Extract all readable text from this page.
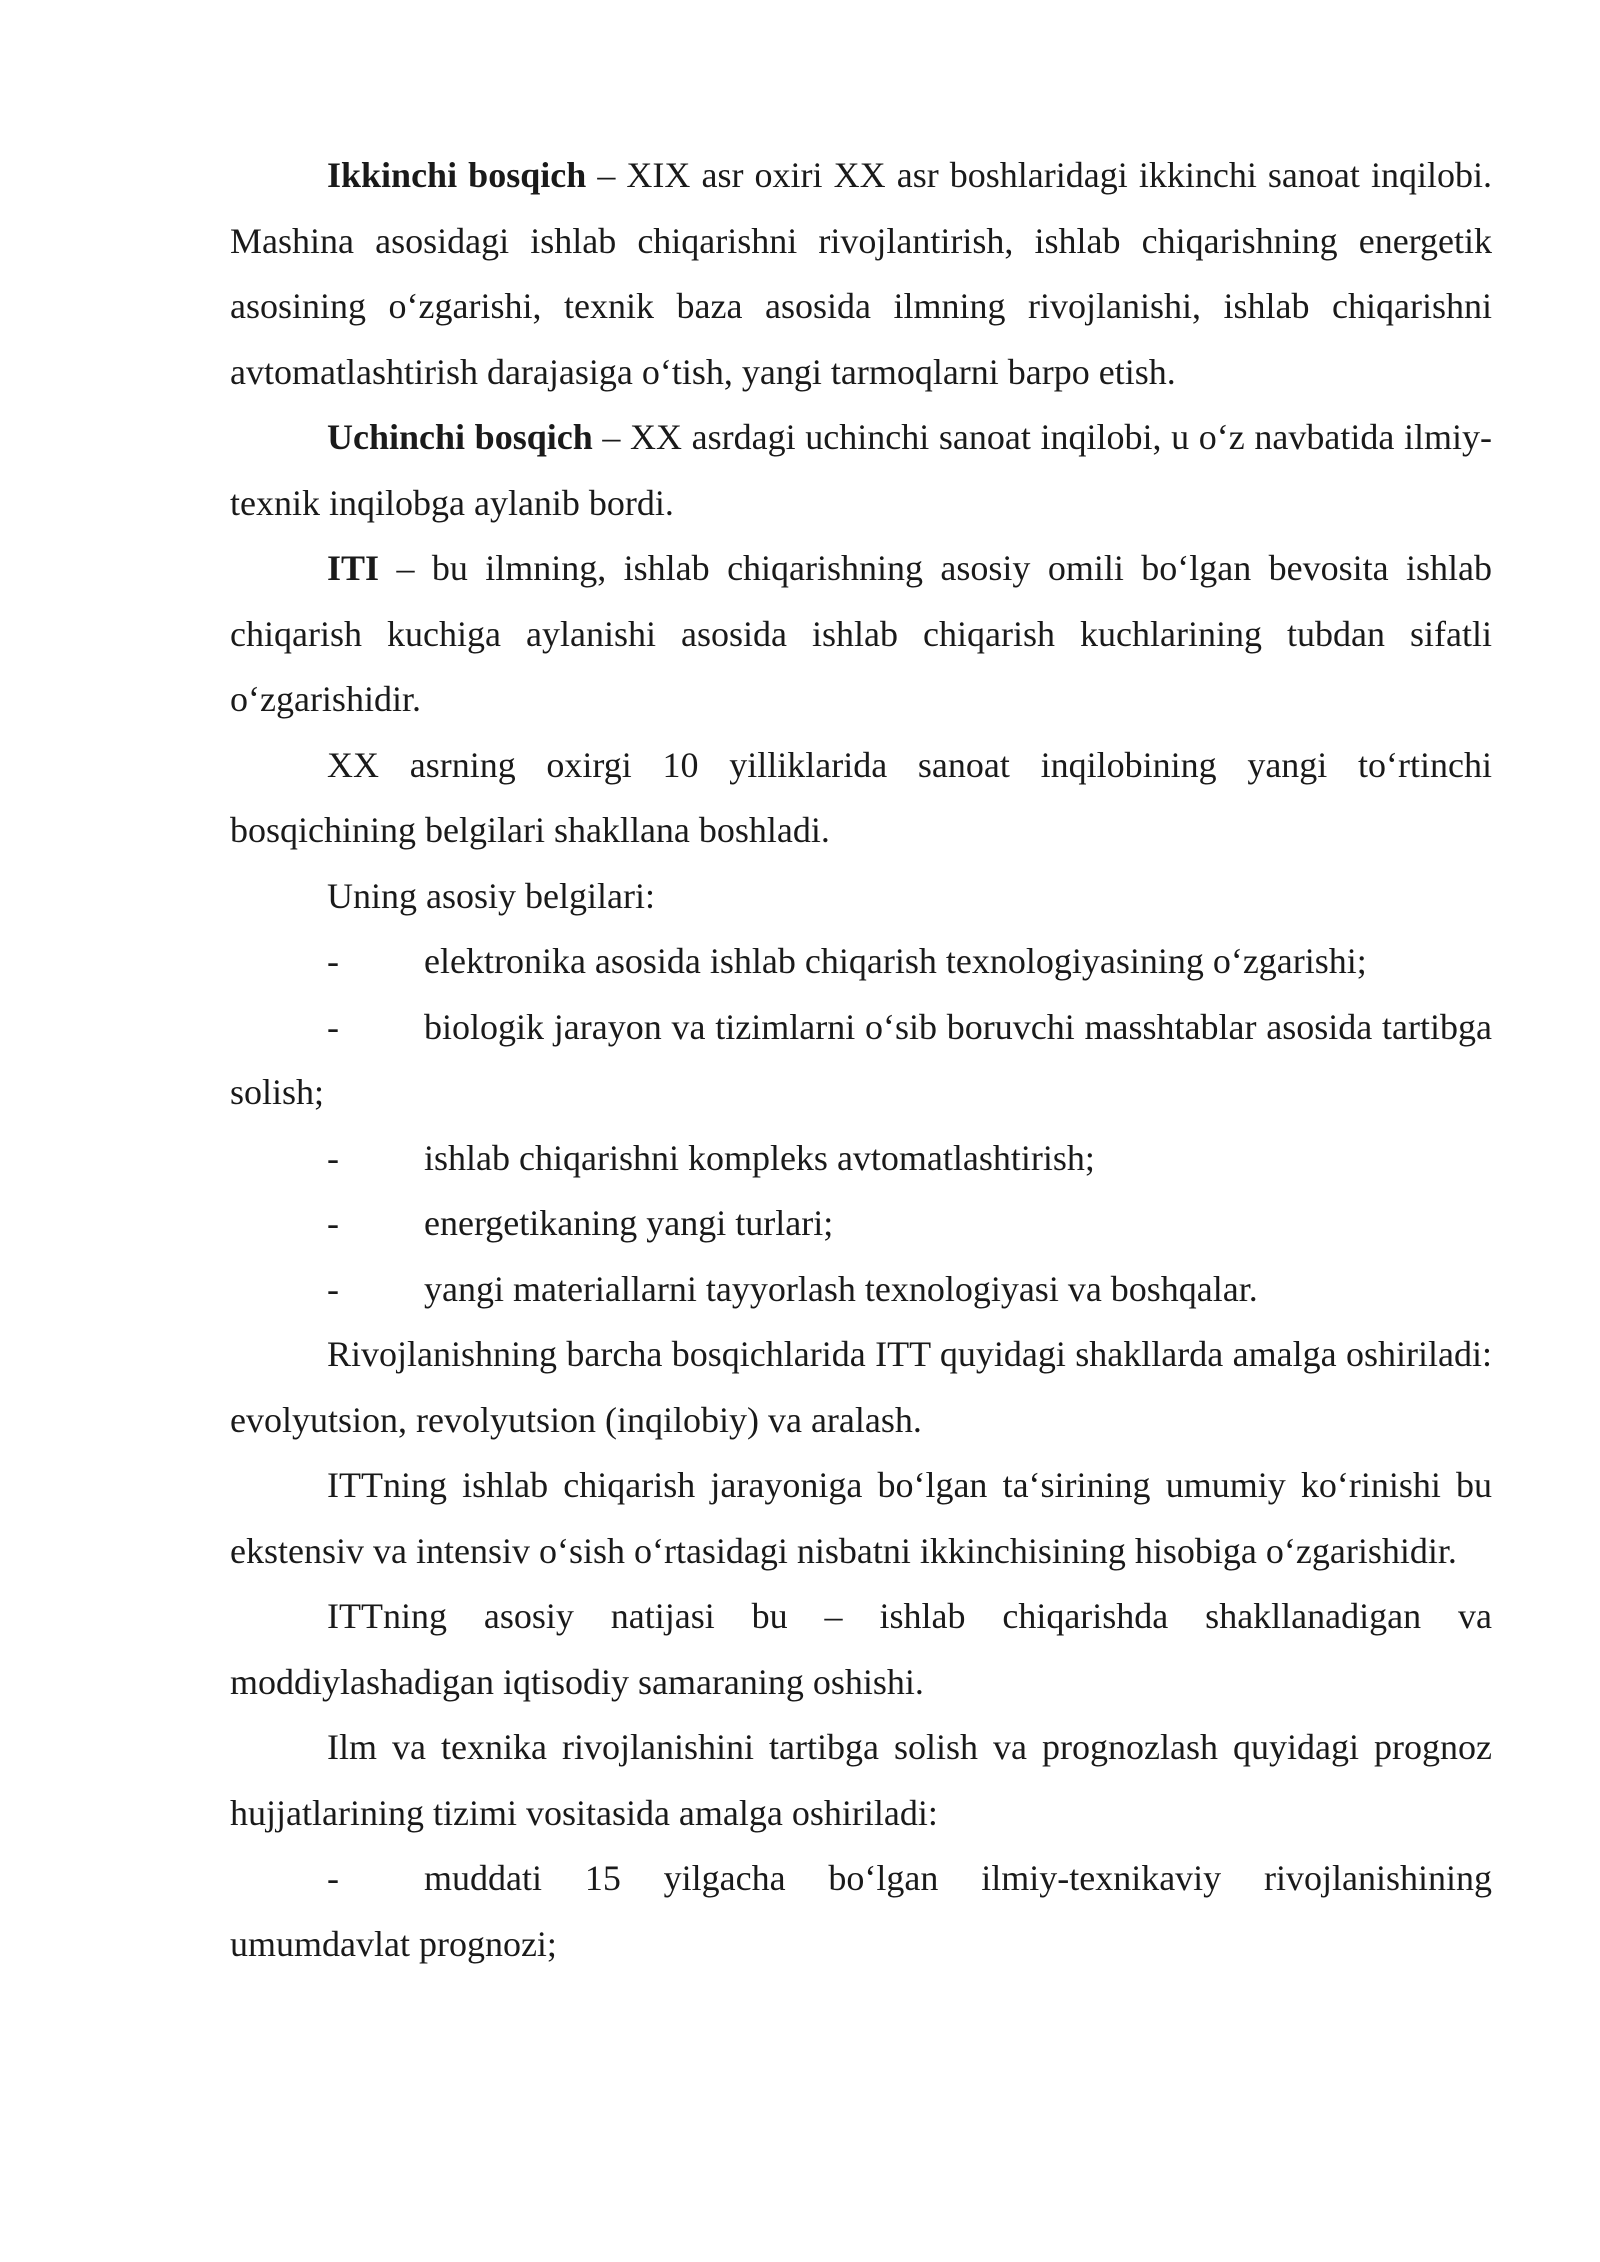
Ikkinchi bosqich – XIX asr oxiri XX asr boshlaridagi ikkinchi sanoat inqilobi. Mashina asosidagi ishlab chiqarishni rivojlantirish, ishlab chiqarishning energetik asosining oʻzgarishi, texnik baza asosida ilmning rivojlanishi, ishlab chiqarishni avtomatlashtirish darajasiga oʻtish, yangi tarmoqlarni barpo etish.

Uchinchi bosqich – XX asrdagi uchinchi sanoat inqilobi, u oʻz navbatida ilmiy-texnik inqilobga aylanib bordi.

ITI – bu ilmning, ishlab chiqarishning asosiy omili boʻlgan bevosita ishlab chiqarish kuchiga aylanishi asosida ishlab chiqarish kuchlarining tubdan sifatli oʻzgarishidir.

XX asrning oxirgi 10 yilliklarida sanoat inqilobining yangi toʻrtinchi bosqichining belgilari shakllana boshladi.

Uning asosiy belgilari:

- elektronika asosida ishlab chiqarish texnologiyasining oʻzgarishi;

- biologik jarayon va tizimlarni oʻsib boruvchi masshtablar asosida tartibga solish;

- ishlab chiqarishni kompleks avtomatlashtirish;

- energetikaning yangi turlari;

- yangi materiallarni tayyorlash texnologiyasi va boshqalar.

Rivojlanishning barcha bosqichlarida ITT quyidagi shakllarda amalga oshiriladi: evolyutsion, revolyutsion (inqilobiy) va aralash.

ITTning ishlab chiqarish jarayoniga boʻlgan taʻsirining umumiy koʻrinishi bu ekstensiv va intensiv oʻsish oʻrtasidagi nisbatni ikkinchisining hisobiga oʻzgarishidir.

ITTning asosiy natijasi bu – ishlab chiqarishda shakllanadigan va moddiylashadigan iqtisodiy samaraning oshishi.

Ilm va texnika rivojlanishini tartibga solish va prognozlash quyidagi prognoz hujjatlarining tizimi vositasida amalga oshiriladi:

- muddati 15 yilgacha boʻlgan ilmiy-texnikaviy rivojlanishining umumdavlat prognozi;
